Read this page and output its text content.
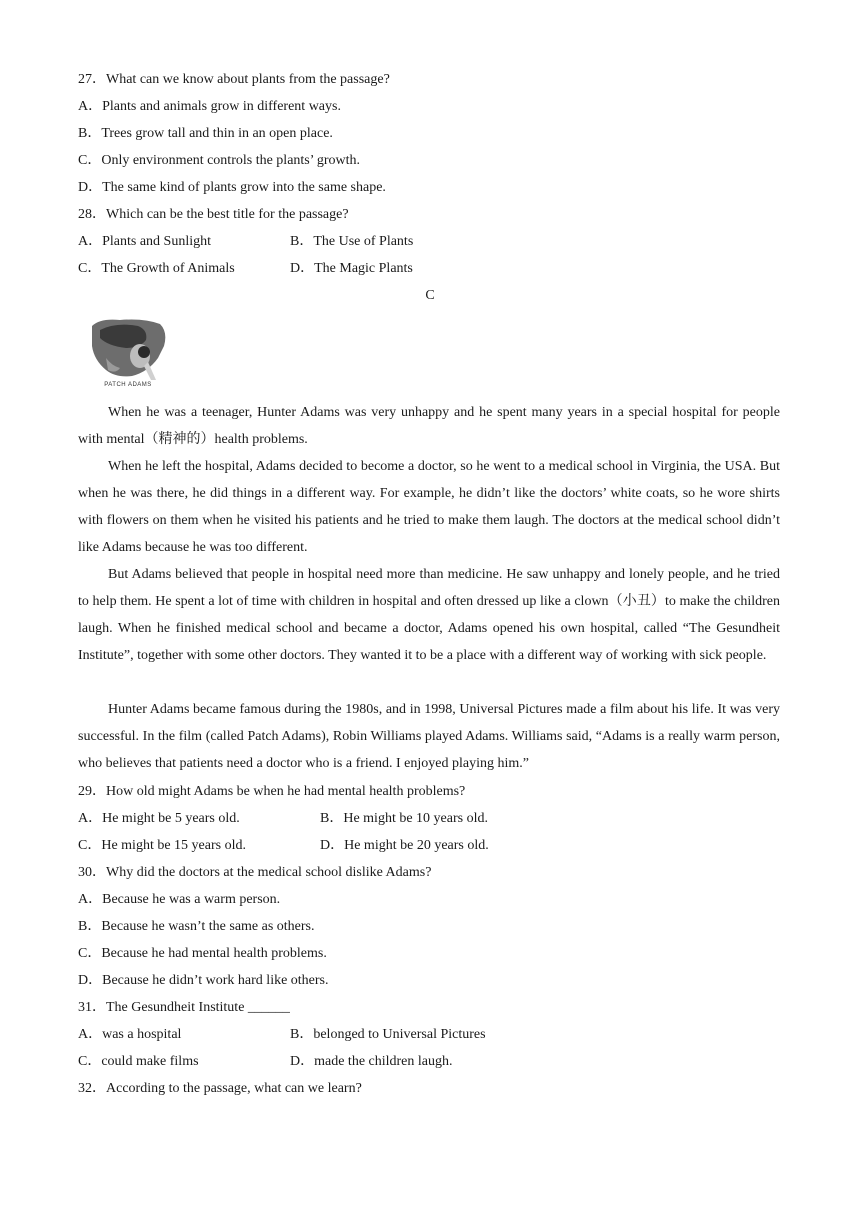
27．What can we know about plants from the passage?
A．Plants and animals grow in different ways.
B．Trees grow tall and thin in an open place.
C．Only environment controls the plants’ growth.
D．The same kind of plants grow into the same shape.
28．Which can be the best title for the passage?
A．Plants and Sunlight	B．The Use of Plants
C．The Growth of Animals	D．The Magic Plants
C
PATCH ADAMS
When he was a teenager, Hunter Adams was very unhappy and he spent many years in a special hospital for people with mental（精神的）health problems.
When he left the hospital, Adams decided to become a doctor, so he went to a medical school in Virginia, the USA. But when he was there, he did things in a different way. For example, he didn’t like the doctors’ white coats, so he wore shirts with flowers on them when he visited his patients and he tried to make them laugh. The doctors at the medical school didn’t like Adams because he was too different.
But Adams believed that people in hospital need more than medicine. He saw unhappy and lonely people, and he tried to help them. He spent a lot of time with children in hospital and often dressed up like a clown（小丑）to make the children laugh. When he finished medical school and became a doctor, Adams opened his own hospital, called “The Gesundheit Institute”, together with some other doctors. They wanted it to be a place with a different way of working with sick people.
Hunter Adams became famous during the 1980s, and in 1998, Universal Pictures made a film about his life. It was very successful. In the film (called Patch Adams), Robin Williams played Adams. Williams said, “Adams is a really warm person, who believes that patients need a doctor who is a friend. I enjoyed playing him.”
29．How old might Adams be when he had mental health problems?
A．He might be 5 years old.	B．He might be 10 years old.
C．He might be 15 years old.	D．He might be 20 years old.
30．Why did the doctors at the medical school dislike Adams?
A．Because he was a warm person.
B．Because he wasn’t the same as others.
C．Because he had mental health problems.
D．Because he didn’t work hard like others.
31．The Gesundheit Institute ______
A．was a hospital	B．belonged to Universal Pictures
C．could make films	D．made the children laugh.
32．According to the passage, what can we learn?
